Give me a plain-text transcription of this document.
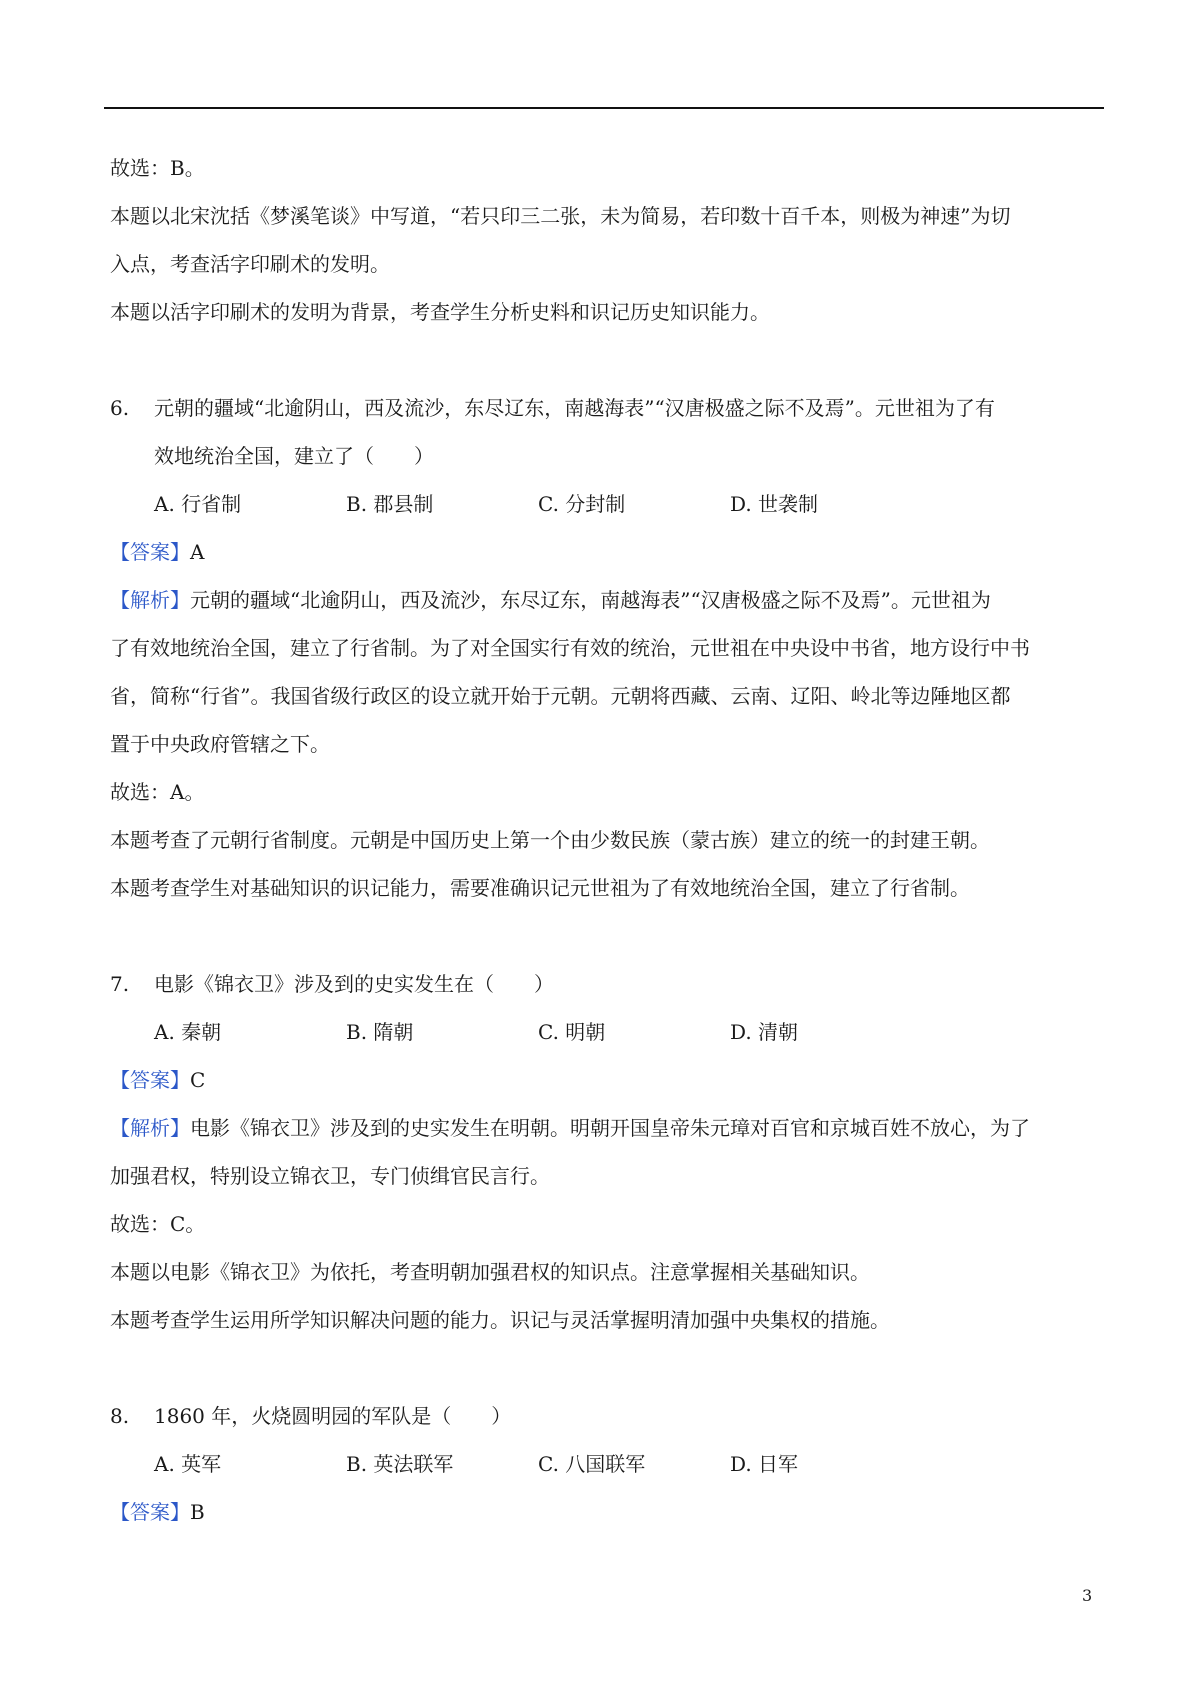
故选：B。
本题以北宋沈括《梦溪笔谈》中写道，“若只印三二张，未为简易，若印数十百千本，则极为神速”为切
入点，考查活字印刷术的发明。
本题以活字印刷术的发明为背景，考查学生分析史料和识记历史知识能力。
6. 元朝的疆域“北逾阴山，西及流沙，东尽辽东，南越海表”“汉唐极盛之际不及焉”。元世祖为了有
效地统治全国，建立了（　　）
A. 行省制	B. 郡县制	C. 分封制	D. 世袭制
【答案】A
【解析】元朝的疆域“北逾阴山，西及流沙，东尽辽东，南越海表”“汉唐极盛之际不及焉”。元世祖为
了有效地统治全国，建立了行省制。为了对全国实行有效的统治，元世祖在中央设中书省，地方设行中书
省，简称“行省”。我国省级行政区的设立就开始于元朝。元朝将西藏、云南、辽阳、岭北等边陲地区都
置于中央政府管辖之下。
故选：A。
本题考查了元朝行省制度。元朝是中国历史上第一个由少数民族（蒙古族）建立的统一的封建王朝。
本题考查学生对基础知识的识记能力，需要准确识记元世祖为了有效地统治全国，建立了行省制。
7. 电影《锦衣卫》涉及到的史实发生在（　　）
A. 秦朝	B. 隋朝	C. 明朝	D. 清朝
【答案】C
【解析】电影《锦衣卫》涉及到的史实发生在明朝。明朝开国皇帝朱元璋对百官和京城百姓不放心，为了
加强君权，特别设立锦衣卫，专门侦缉官民言行。
故选：C。
本题以电影《锦衣卫》为依托，考查明朝加强君权的知识点。注意掌握相关基础知识。
本题考查学生运用所学知识解决问题的能力。识记与灵活掌握明清加强中央集权的措施。
8. 1860 年，火烧圆明园的军队是（　　）
A. 英军	B. 英法联军	C. 八国联军	D. 日军
【答案】B
3
